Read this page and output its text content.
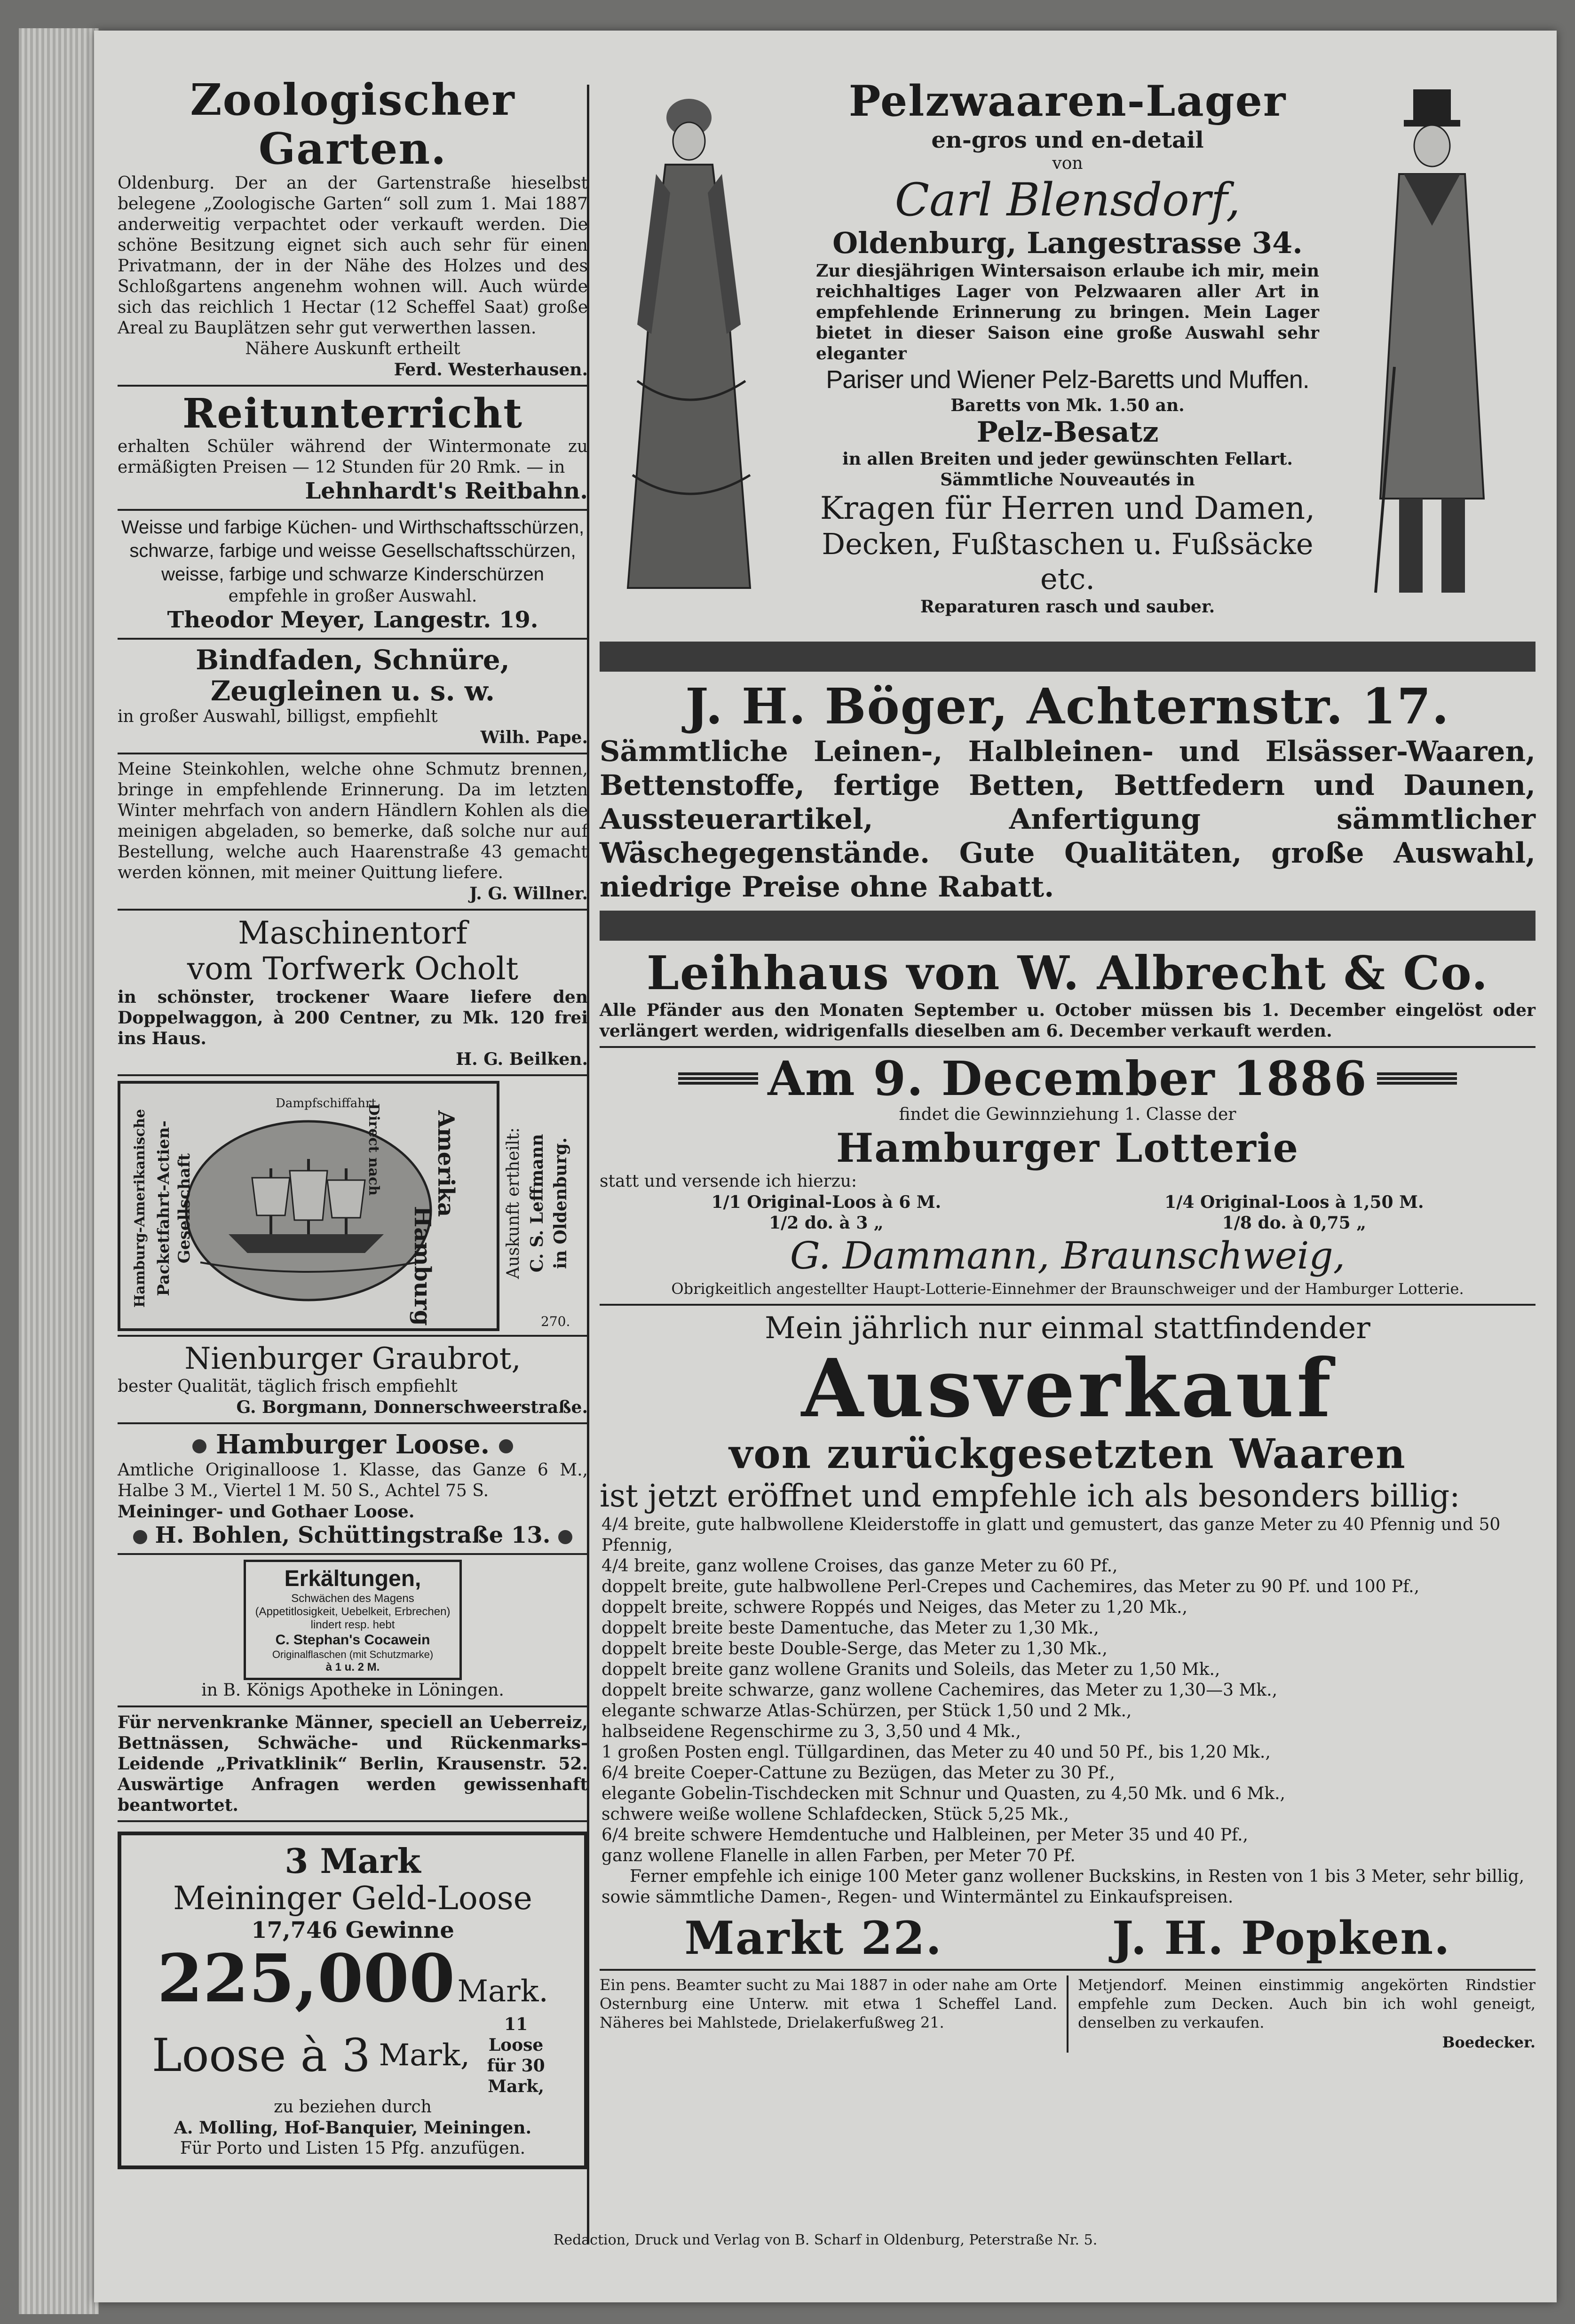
Zoologischer Garten.
Oldenburg. Der an der Gartenstraße hieselbst belegene „Zoologische Garten“ soll zum 1. Mai 1887 anderweitig verpachtet oder verkauft werden. Die schöne Besitzung eignet sich auch sehr für einen Privatmann, der in der Nähe des Holzes und des Schloßgartens angenehm wohnen will. Auch würde sich das reichlich 1 Hectar (12 Scheffel Saat) große Areal zu Bauplätzen sehr gut verwerthen lassen.
Nähere Auskunft ertheilt
Ferd. Westerhausen.
Reitunterricht
erhalten Schüler während der Wintermonate zu ermäßigten Preisen — 12 Stunden für 20 Rmk. — in
Lehnhardt's Reitbahn.
Weisse und farbige Küchen- und Wirthschaftsschürzen, schwarze, farbige und weisse Gesellschaftsschürzen, weisse, farbige und schwarze Kinderschürzen
empfehle in großer Auswahl.
Theodor Meyer, Langestr. 19.
Bindfaden, Schnüre,
Zeugleinen u. s. w.
in großer Auswahl, billigst, empfiehlt
Wilh. Pape.
Meine Steinkohlen, welche ohne Schmutz brennen, bringe in empfehlende Erinnerung. Da im letzten Winter mehrfach von andern Händlern Kohlen als die meinigen abgeladen, so bemerke, daß solche nur auf Bestellung, welche auch Haarenstraße 43 gemacht werden können, mit meiner Quittung liefere.
J. G. Willner.
Maschinentorf
vom Torfwerk Ocholt
in schönster, trockener Waare liefere den Doppelwaggon, à 200 Centner, zu Mk. 120 frei ins Haus.
H. G. Beilken.
Hamburg-Amerikanische Packetfahrt-Actien-Gesellschaft
Direct nach Amerika
Hamburg
Dampfschiffahrt
Auskunft ertheilt: C. S. Leffmann in Oldenburg.
270.
Nienburger Graubrot,
bester Qualität, täglich frisch empfiehlt
G. Borgmann, Donnerschweerstraße.
Hamburger Loose.
Amtliche Originalloose 1. Klasse, das Ganze 6 M., Halbe 3 M., Viertel 1 M. 50 S., Achtel 75 S.
Meininger- und Gothaer Loose.
H. Bohlen, Schüttingstraße 13.
Erkältungen,
Schwächen des Magens (Appetitlosigkeit, Uebelkeit, Erbrechen) lindert resp. hebt
C. Stephan's Cocawein
Originalflaschen (mit Schutzmarke)
à 1 u. 2 M.
in B. Königs Apotheke in Löningen.
Für nervenkranke Männer, speciell an Ueberreiz, Bettnässen, Schwäche- und Rückenmarks-Leidende „Privatklinik“ Berlin, Krausenstr. 52. Auswärtige Anfragen werden gewissenhaft beantwortet.
3 Mark
Meininger Geld-Loose
17,746 Gewinne
225,000 Mark.
Loose à 3 Mark,
11 Loose für 30 Mark,
zu beziehen durch
A. Molling, Hof-Banquier, Meiningen.
Für Porto und Listen 15 Pfg. anzufügen.
Pelzwaaren-Lager
en-gros und en-detail
von
Carl Blensdorf,
Oldenburg, Langestrasse 34.
Zur diesjährigen Wintersaison erlaube ich mir, mein reichhaltiges Lager von Pelzwaaren aller Art in empfehlende Erinnerung zu bringen. Mein Lager bietet in dieser Saison eine große Auswahl sehr eleganter
Pariser und Wiener Pelz-Baretts und Muffen.
Baretts von Mk. 1.50 an.
Pelz-Besatz
in allen Breiten und jeder gewünschten Fellart. Sämmtliche Nouveautés in
Kragen für Herren und Damen,
Decken, Fußtaschen u. Fußsäcke etc.
Reparaturen rasch und sauber.
J. H. Böger, Achternstr. 17.
Sämmtliche Leinen-, Halbleinen- und Elsässer-Waaren, Bettenstoffe, fertige Betten, Bettfedern und Daunen, Aussteuerartikel, Anfertigung sämmtlicher Wäschegegenstände. Gute Qualitäten, große Auswahl, niedrige Preise ohne Rabatt.
Leihhaus von W. Albrecht & Co.
Alle Pfänder aus den Monaten September u. October müssen bis 1. December eingelöst oder verlängert werden, widrigenfalls dieselben am 6. December verkauft werden.
Am 9. December 1886
findet die Gewinnziehung 1. Classe der
Hamburger Lotterie
statt und versende ich hierzu:
1/1 Original-Loos à 6 M.	1/4 Original-Loos à 1,50 M.
1/2 do. à 3 „	1/8 do. à 0,75 „
G. Dammann, Braunschweig,
Obrigkeitlich angestellter Haupt-Lotterie-Einnehmer der Braunschweiger und der Hamburger Lotterie.
Mein jährlich nur einmal stattfindender
Ausverkauf
von zurückgesetzten Waaren
ist jetzt eröffnet und empfehle ich als besonders billig:
4/4 breite, gute halbwollene Kleiderstoffe in glatt und gemustert, das ganze Meter zu 40 Pfennig und 50 Pfennig,
4/4 breite, ganz wollene Croises, das ganze Meter zu 60 Pf.,
doppelt breite, gute halbwollene Perl-Crepes und Cachemires, das Meter zu 90 Pf. und 100 Pf.,
doppelt breite, schwere Roppés und Neiges, das Meter zu 1,20 Mk.,
doppelt breite beste Damentuche, das Meter zu 1,30 Mk.,
doppelt breite beste Double-Serge, das Meter zu 1,30 Mk.,
doppelt breite ganz wollene Granits und Soleils, das Meter zu 1,50 Mk.,
doppelt breite schwarze, ganz wollene Cachemires, das Meter zu 1,30—3 Mk.,
elegante schwarze Atlas-Schürzen, per Stück 1,50 und 2 Mk.,
halbseidene Regenschirme zu 3, 3,50 und 4 Mk.,
1 großen Posten engl. Tüllgardinen, das Meter zu 40 und 50 Pf., bis 1,20 Mk.,
6/4 breite Coeper-Cattune zu Bezügen, das Meter zu 30 Pf.,
elegante Gobelin-Tischdecken mit Schnur und Quasten, zu 4,50 Mk. und 6 Mk.,
schwere weiße wollene Schlafdecken, Stück 5,25 Mk.,
6/4 breite schwere Hemdentuche und Halbleinen, per Meter 35 und 40 Pf.,
ganz wollene Flanelle in allen Farben, per Meter 70 Pf.
Ferner empfehle ich einige 100 Meter ganz wollener Buckskins, in Resten von 1 bis 3 Meter, sehr billig, sowie sämmtliche Damen-, Regen- und Wintermäntel zu Einkaufspreisen.
Markt 22.	J. H. Popken.
Ein pens. Beamter sucht zu Mai 1887 in oder nahe am Orte Osternburg eine Unterw. mit etwa 1 Scheffel Land. Näheres bei Mahlstede, Drielakerfußweg 21.
Metjendorf. Meinen einstimmig angekörten Rindstier empfehle zum Decken. Auch bin ich wohl geneigt, denselben zu verkaufen.
Boedecker.
Redaction, Druck und Verlag von B. Scharf in Oldenburg, Peterstraße Nr. 5.
